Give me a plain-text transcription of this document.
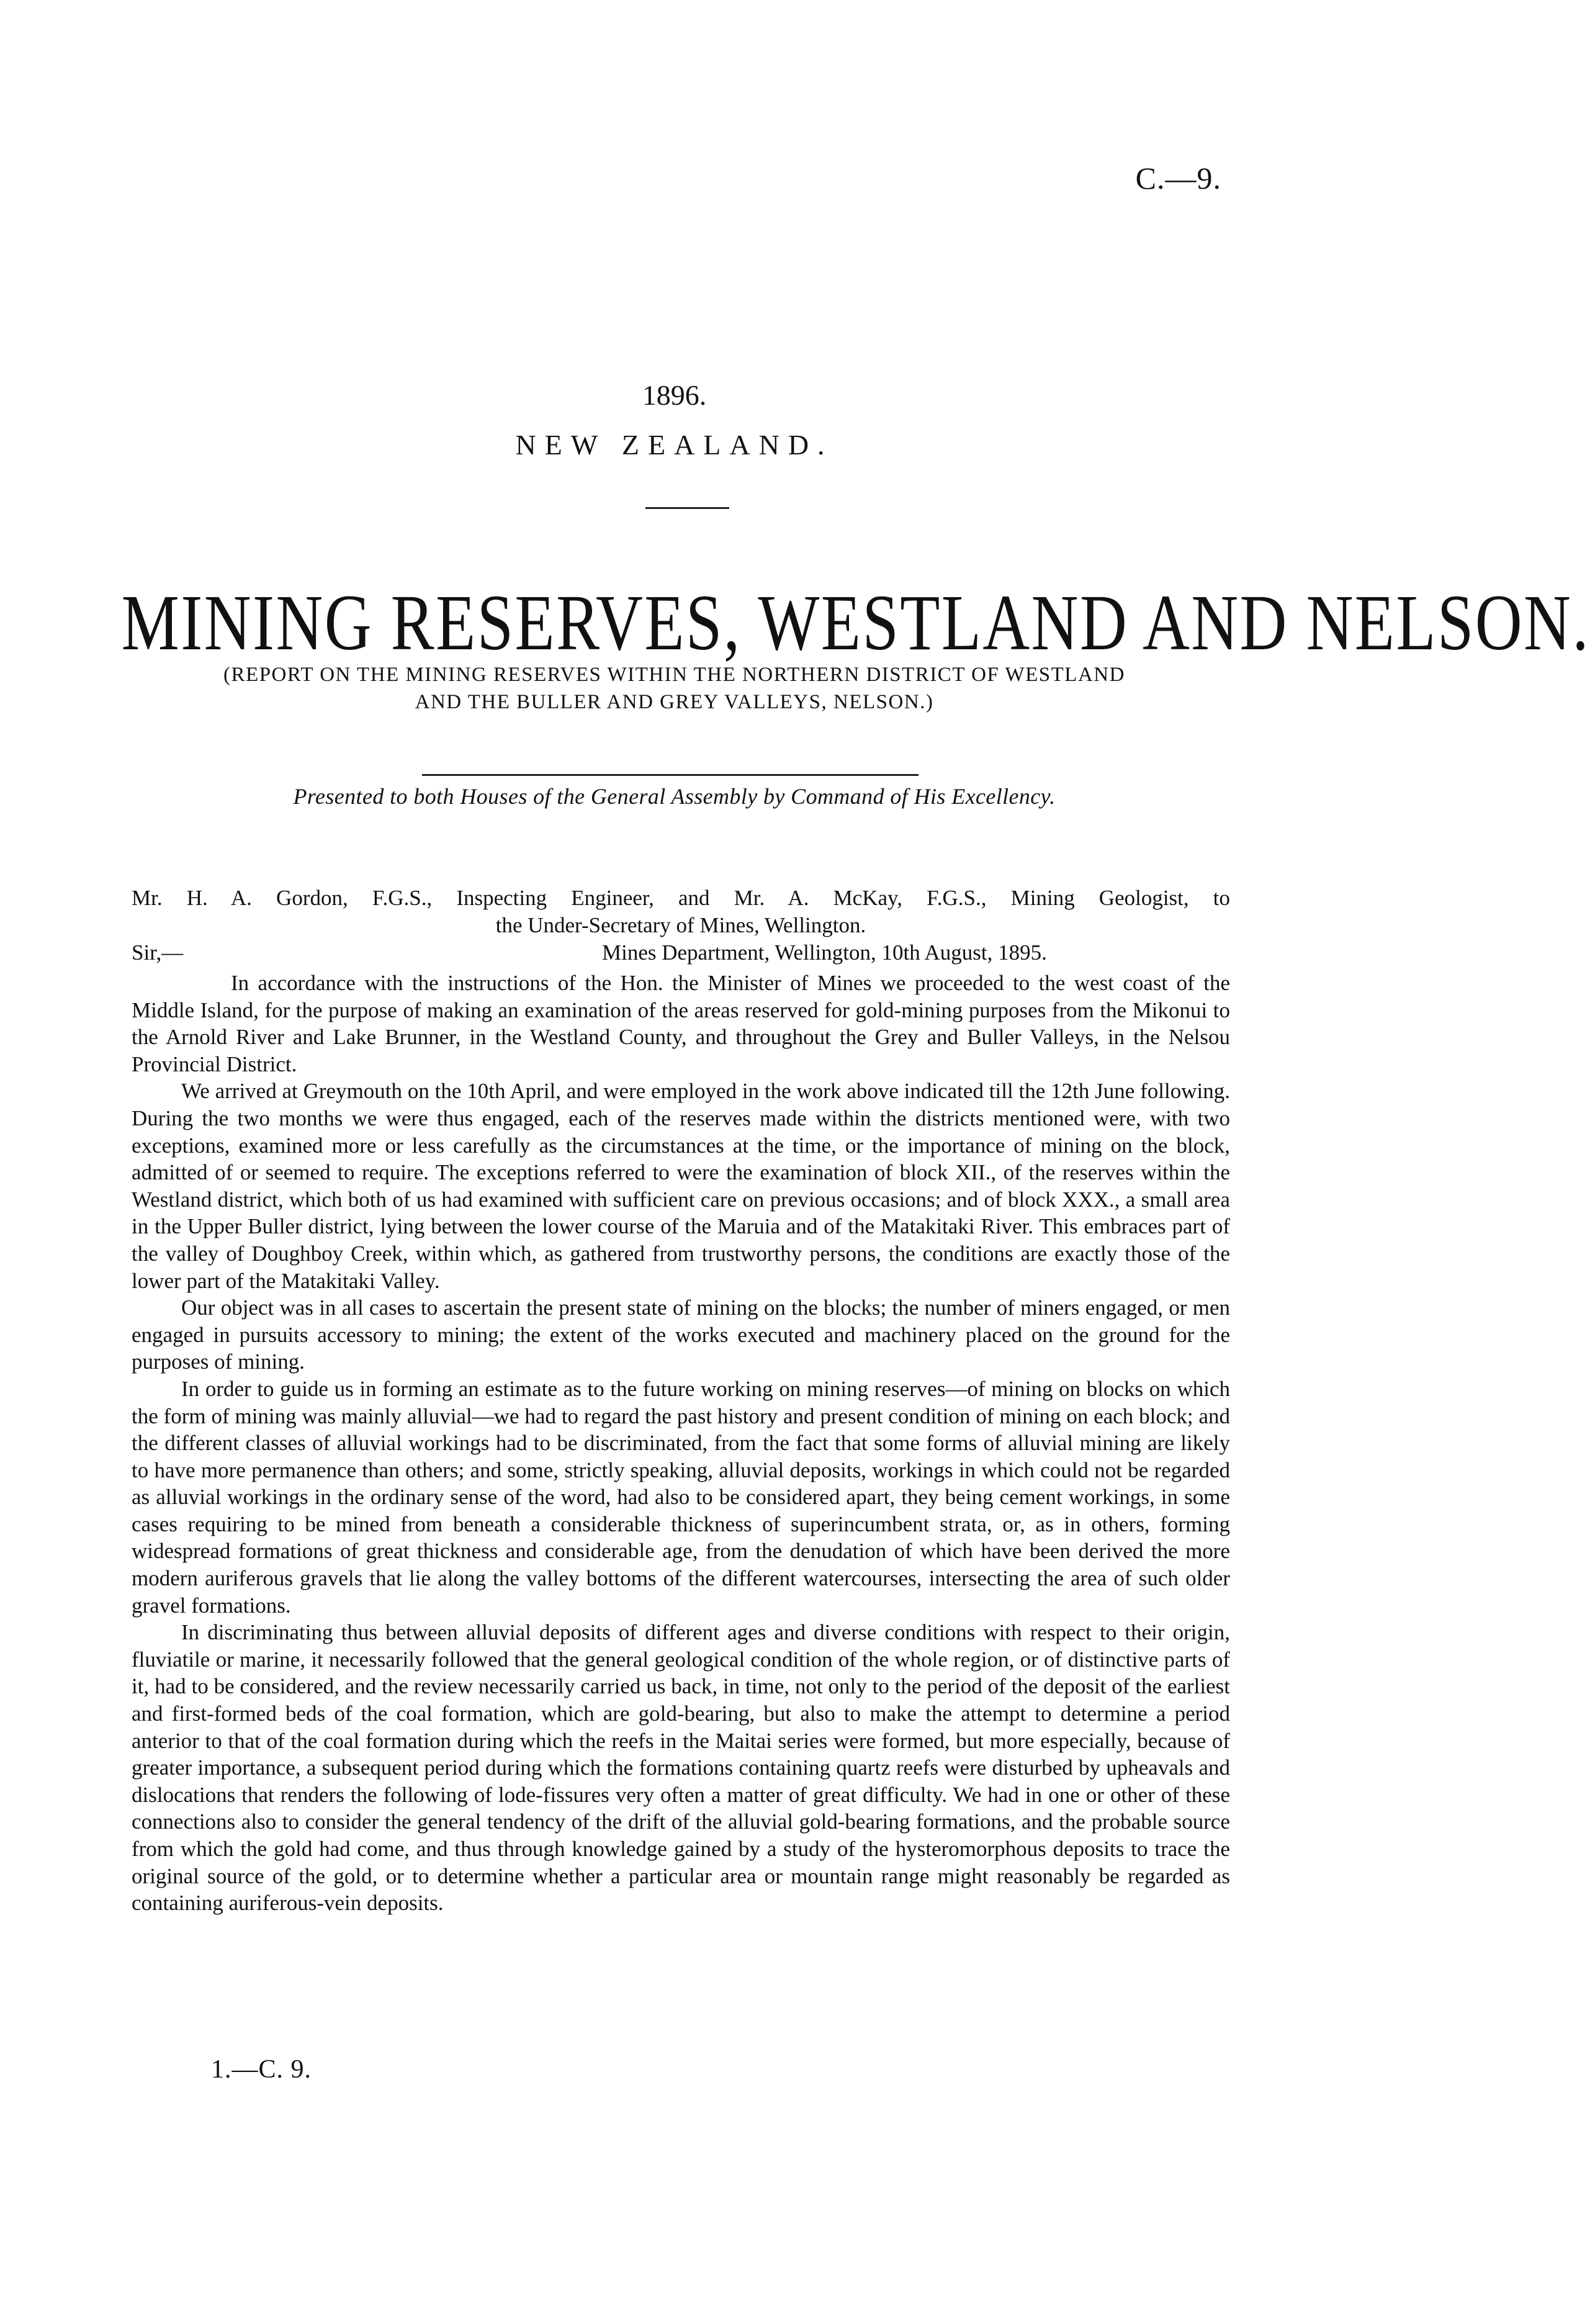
C.—9.
1896.
NEW ZEALAND.
MINING RESERVES, WESTLAND AND NELSON.
(REPORT ON THE MINING RESERVES WITHIN THE NORTHERN DISTRICT OF WESTLAND
AND THE BULLER AND GREY VALLEYS, NELSON.)
Presented to both Houses of the General Assembly by Command of His Excellency.
Mr. H. A. Gordon, F.G.S., Inspecting Engineer, and Mr. A. McKay, F.G.S., Mining Geologist, to
the Under-Secretary of Mines, Wellington.
Sir,—	Mines Department, Wellington, 10th August, 1895.

In accordance with the instructions of the Hon. the Minister of Mines we proceeded to the west coast of the Middle Island, for the purpose of making an examination of the areas reserved for gold-mining purposes from the Mikonui to the Arnold River and Lake Brunner, in the Westland County, and throughout the Grey and Buller Valleys, in the Nelsou Provincial District.

We arrived at Greymouth on the 10th April, and were employed in the work above indicated till the 12th June following. During the two months we were thus engaged, each of the reserves made within the districts mentioned were, with two exceptions, examined more or less carefully as the circumstances at the time, or the importance of mining on the block, admitted of or seemed to require. The exceptions referred to were the examination of block XII., of the reserves within the Westland district, which both of us had examined with sufficient care on previous occasions; and of block XXX., a small area in the Upper Buller district, lying between the lower course of the Maruia and of the Matakitaki River. This embraces part of the valley of Doughboy Creek, within which, as gathered from trustworthy persons, the conditions are exactly those of the lower part of the Matakitaki Valley.

Our object was in all cases to ascertain the present state of mining on the blocks; the number of miners engaged, or men engaged in pursuits accessory to mining; the extent of the works executed and machinery placed on the ground for the purposes of mining.

In order to guide us in forming an estimate as to the future working on mining reserves—of mining on blocks on which the form of mining was mainly alluvial—we had to regard the past history and present condition of mining on each block; and the different classes of alluvial workings had to be discriminated, from the fact that some forms of alluvial mining are likely to have more permanence than others; and some, strictly speaking, alluvial deposits, workings in which could not be regarded as alluvial workings in the ordinary sense of the word, had also to be considered apart, they being cement workings, in some cases requiring to be mined from beneath a considerable thickness of superincumbent strata, or, as in others, forming widespread formations of great thickness and considerable age, from the denudation of which have been derived the more modern auriferous gravels that lie along the valley bottoms of the different watercourses, intersecting the area of such older gravel formations.

In discriminating thus between alluvial deposits of different ages and diverse conditions with respect to their origin, fluviatile or marine, it necessarily followed that the general geological condition of the whole region, or of distinctive parts of it, had to be considered, and the review necessarily carried us back, in time, not only to the period of the deposit of the earliest and first-formed beds of the coal formation, which are gold-bearing, but also to make the attempt to determine a period anterior to that of the coal formation during which the reefs in the Maitai series were formed, but more especially, because of greater importance, a subsequent period during which the formations containing quartz reefs were disturbed by upheavals and dislocations that renders the following of lode-fissures very often a matter of great difficulty. We had in one or other of these connections also to consider the general tendency of the drift of the alluvial gold-bearing formations, and the probable source from which the gold had come, and thus through knowledge gained by a study of the hysteromorphous deposits to trace the original source of the gold, or to determine whether a particular area or mountain range might reasonably be regarded as containing auriferous-vein deposits.

1.—C. 9.
